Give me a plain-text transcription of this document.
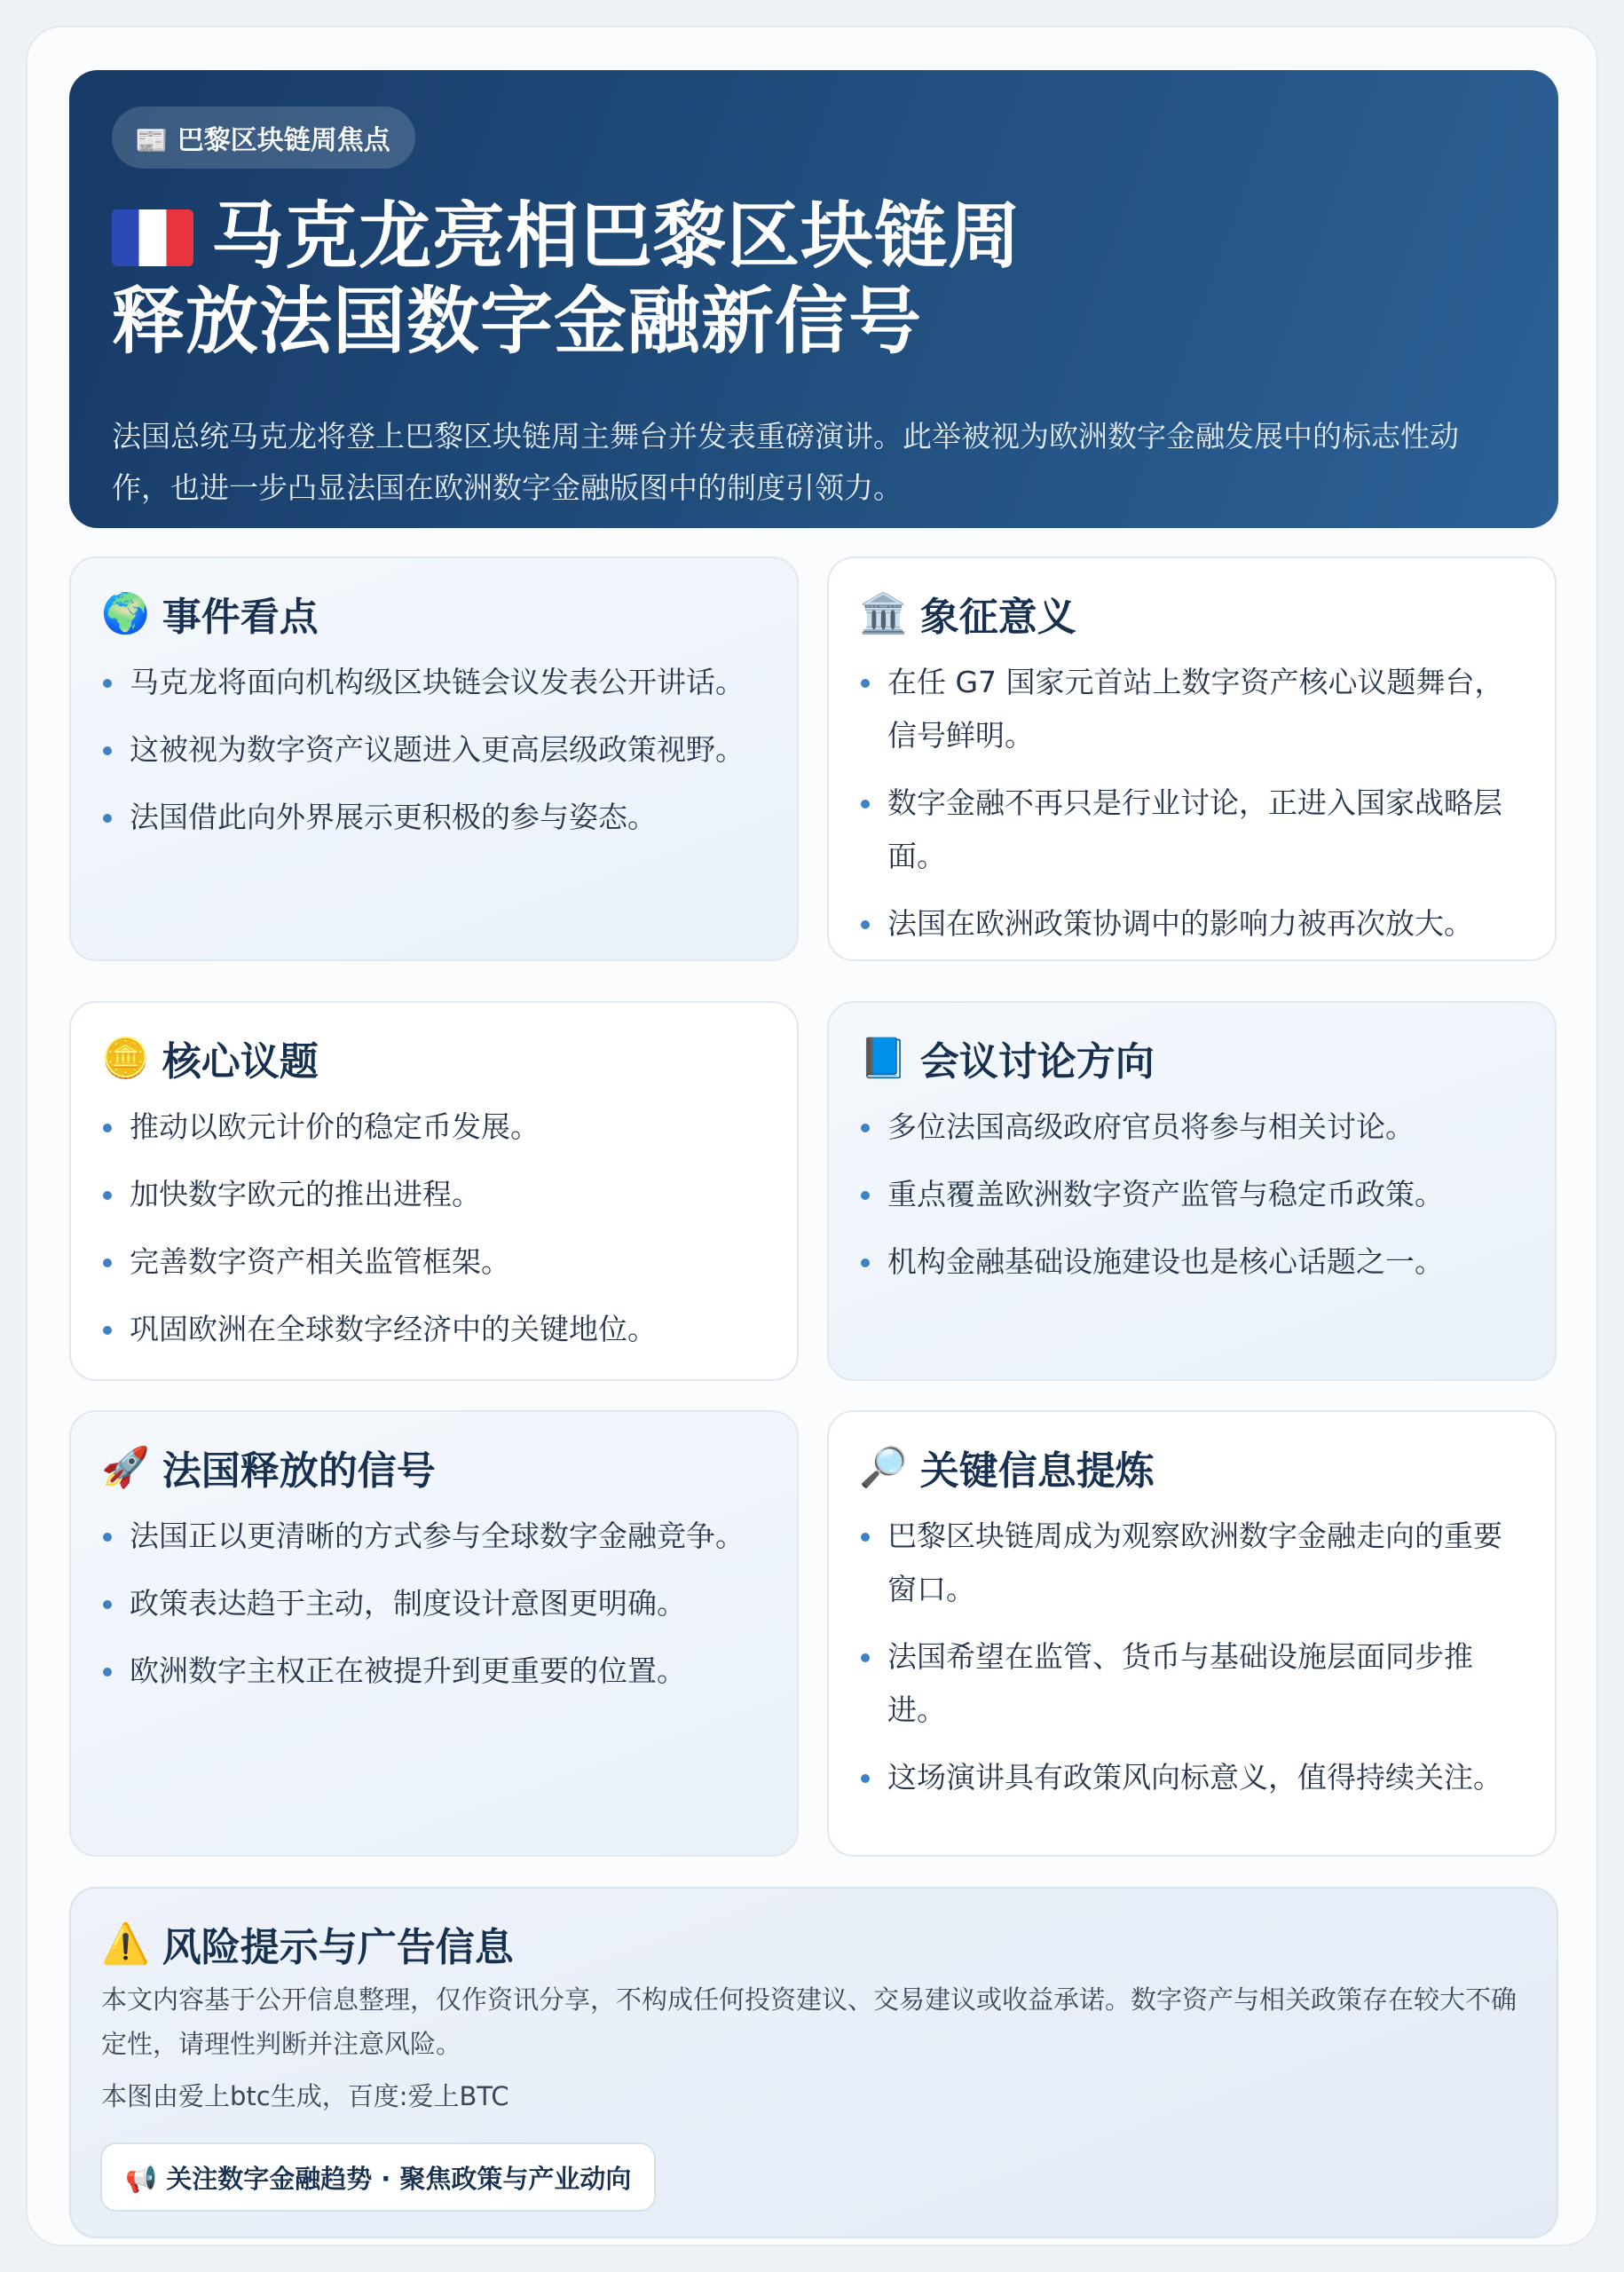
📰 巴黎区块链周焦点
马克龙亮相巴黎区块链周
释放法国数字金融新信号

法国总统马克龙将登上巴黎区块链周主舞台并发表重磅演讲。此举被视为欧洲数字金融发展中的标志性动作，也进一步凸显法国在欧洲数字金融版图中的制度引领力。

🌍 事件看点
马克龙将面向机构级区块链会议发表公开讲话。
这被视为数字资产议题进入更高层级政策视野。
法国借此向外界展示更积极的参与姿态。
🏛️ 象征意义
在任 G7 国家元首站上数字资产核心议题舞台，信号鲜明。
数字金融不再只是行业讨论，正进入国家战略层面。
法国在欧洲政策协调中的影响力被再次放大。
🪙 核心议题
推动以欧元计价的稳定币发展。
加快数字欧元的推出进程。
完善数字资产相关监管框架。
巩固欧洲在全球数字经济中的关键地位。
📘 会议讨论方向
多位法国高级政府官员将参与相关讨论。
重点覆盖欧洲数字资产监管与稳定币政策。
机构金融基础设施建设也是核心话题之一。
🚀 法国释放的信号
法国正以更清晰的方式参与全球数字金融竞争。
政策表达趋于主动，制度设计意图更明确。
欧洲数字主权正在被提升到更重要的位置。
🔎 关键信息提炼
巴黎区块链周成为观察欧洲数字金融走向的重要窗口。
法国希望在监管、货币与基础设施层面同步推进。
这场演讲具有政策风向标意义，值得持续关注。
⚠️ 风险提示与广告信息
本文内容基于公开信息整理，仅作资讯分享，不构成任何投资建议、交易建议或收益承诺。数字资产与相关政策存在较大不确定性，请理性判断并注意风险。
本图由爱上btc生成，百度:爱上BTC
📢 关注数字金融趋势 · 聚焦政策与产业动向
